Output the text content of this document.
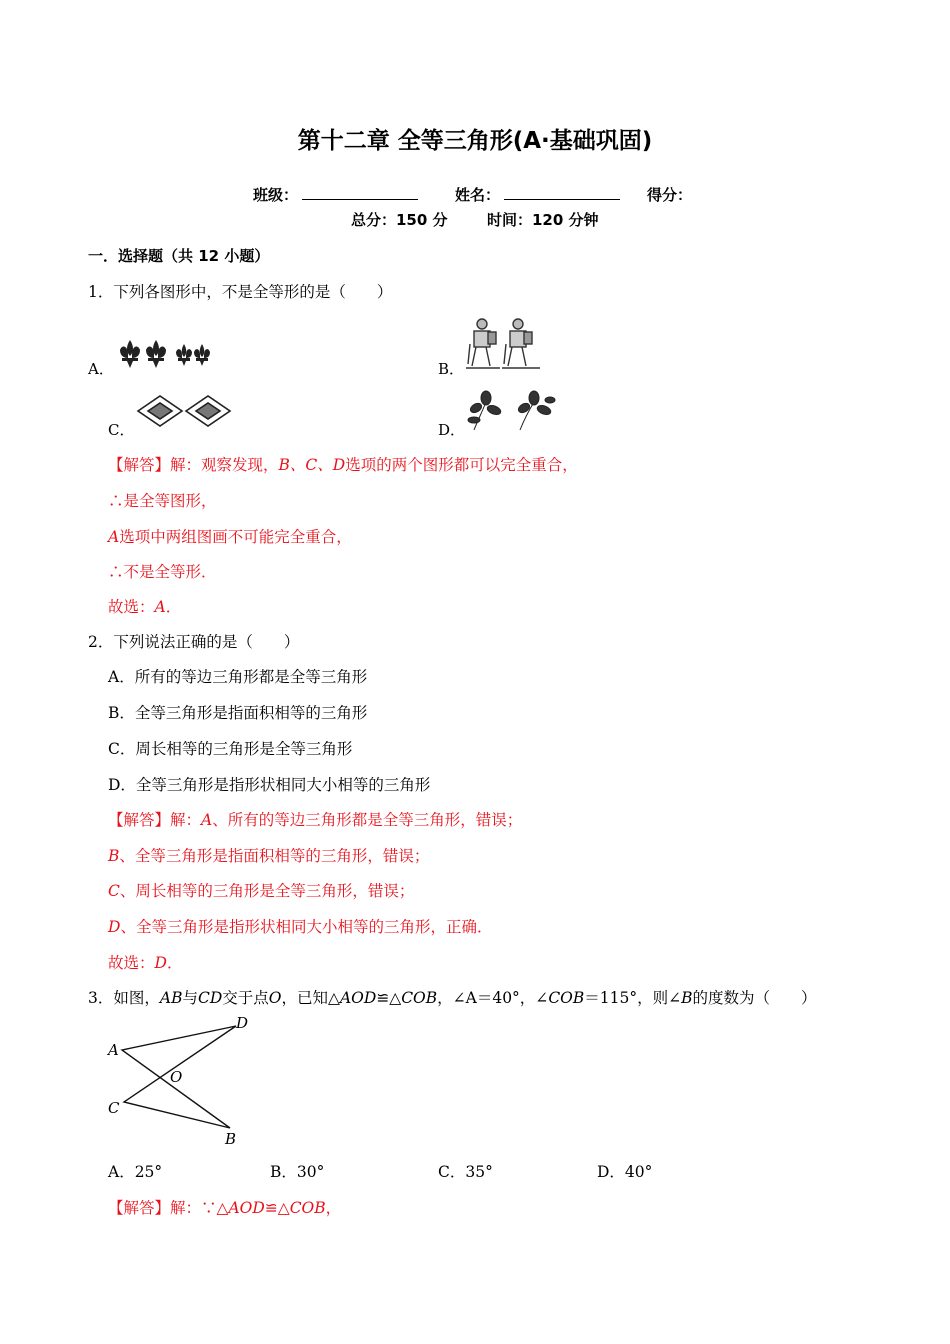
第十二章 全等三角形(A·基础巩固)
班级：	姓名：	得分：
总分：150 分	时间：120 分钟
一．选择题（共 12 小题）
1．下列各图形中，不是全等形的是（　　）
A．	B．
C．	D．
【解答】解：观察发现，B、C、D选项的两个图形都可以完全重合，
∴是全等图形，
A选项中两组图画不可能完全重合，
∴不是全等形．
故选：A．
2．下列说法正确的是（　　）
A．所有的等边三角形都是全等三角形
B．全等三角形是指面积相等的三角形
C．周长相等的三角形是全等三角形
D．全等三角形是指形状相同大小相等的三角形
【解答】解：A、所有的等边三角形都是全等三角形，错误；
B、全等三角形是指面积相等的三角形，错误；
C、周长相等的三角形是全等三角形，错误；
D、全等三角形是指形状相同大小相等的三角形，正确．
故选：D．
3．如图，AB与CD交于点O，已知△AOD≌△COB，∠A＝40°，∠COB＝115°，则∠B的度数为（　　）
A
D
O
C
B
A．25°	B．30°	C．35°	D．40°
【解答】解：∵△AOD≌△COB，
